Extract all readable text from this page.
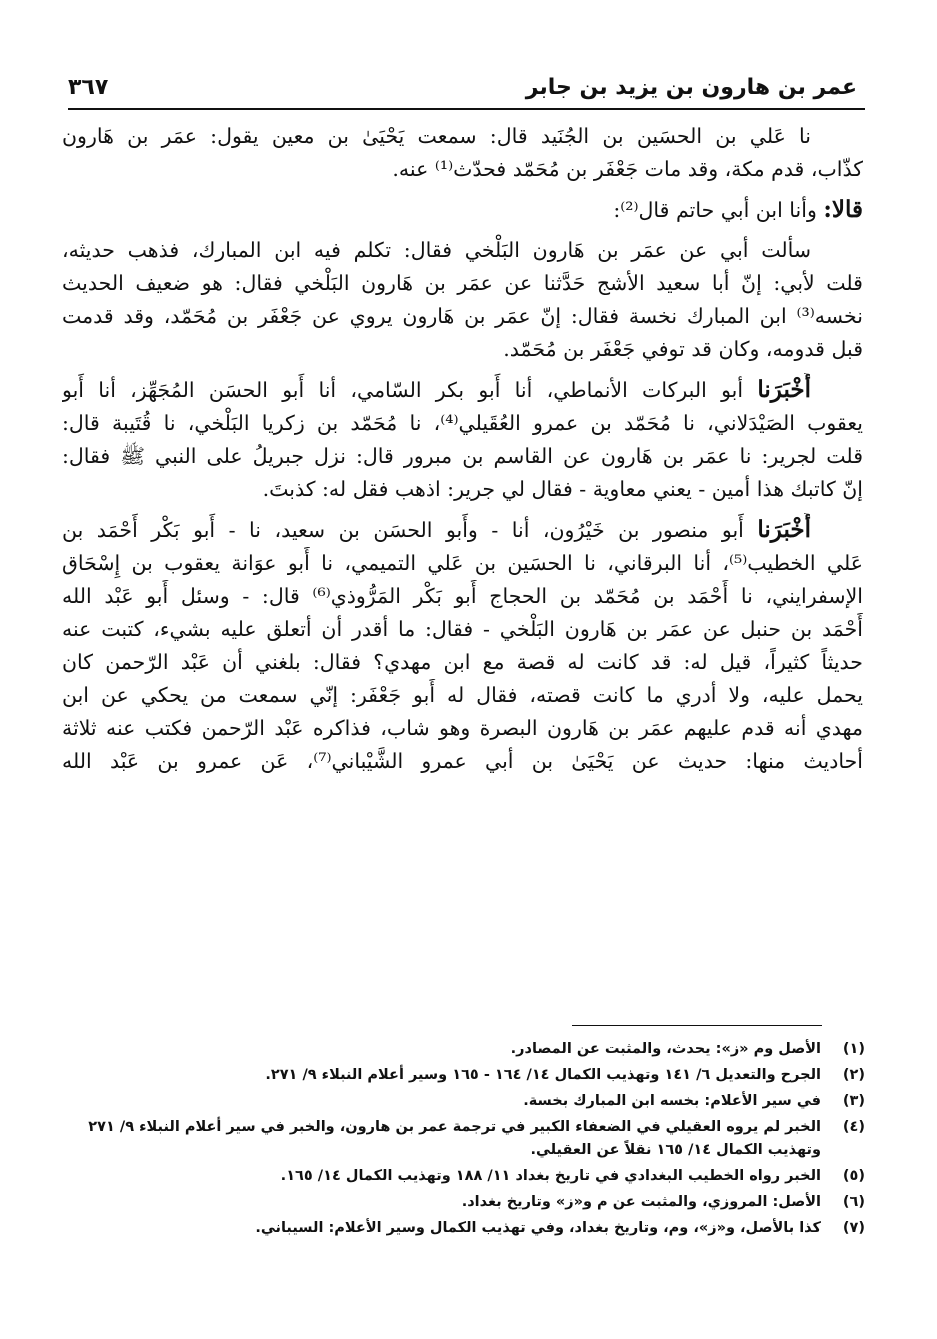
عمر بن هارون بن يزيد بن جابر
٣٦٧

نا عَلي بن الحسَين بن الجُنَيد قال: سمعت يَحْيَىٰ بن معين يقول: عمَر بن هَارون
كذّاب، قدم مكة، وقد مات جَعْفَر بن مُحَمّد فحدّث⁽¹⁾ عنه.

قالا: وأنا ابن أبي حاتم قال⁽²⁾:

سألت أبي عن عمَر بن هَارون البَلْخي فقال: تكلم فيه ابن المبارك، فذهب حديثه،
قلت لأبي: إنّ أبا سعيد الأشج حَدَّثنا عن عمَر بن هَارون البَلْخي فقال: هو ضعيف الحديث
نخسه⁽³⁾ ابن المبارك نخسة فقال: إنّ عمَر بن هَارون يروي عن جَعْفَر بن مُحَمّد، وقد قدمت
قبل قدومه، وكان قد توفي جَعْفَر بن مُحَمّد.

أَخْبَرَنا أبو البركات الأنماطي، أنا أَبو بكر السّامي، أنا أَبو الحسَن المُجَهِّز، أنا أَبو
يعقوب الصَيْدَلاني، نا مُحَمّد بن عمرو العُقَيلي⁽⁴⁾، نا مُحَمّد بن زكريا البَلْخي، نا قُتَيبة قال:
قلت لجرير: نا عمَر بن هَارون عن القاسم بن مبرور قال: نزل جبريلُ على النبي ﷺ فقال:
إنّ كاتبك هذا أمين - يعني معاوية - فقال لي جرير: اذهب فقل له: كذبتَ.

أَخْبَرَنا أَبو منصور بن خَيْرُون، أنا - وأَبو الحسَن بن سعيد، نا - أَبو بَكْر أَحْمَد بن
عَلي الخطيب⁽⁵⁾، أنا البرقاني، نا الحسَين بن عَلي التميمي، نا أَبو عوَانة يعقوب بن إِسْحَاق
الإسفرايني، نا أَحْمَد بن مُحَمّد بن الحجاج أَبو بَكْر المَرُّوذي⁽⁶⁾ قال: - وسئل أَبو عَبْد الله
أَحْمَد بن حنبل عن عمَر بن هَارون البَلْخي - فقال: ما أقدر أن أتعلق عليه بشيء، كتبت عنه
حديثاً كثيراً، قيل له: قد كانت له قصة مع ابن مهدي؟ فقال: بلغني أن عَبْد الرّحمن كان
يحمل عليه، ولا أدري ما كانت قصته، فقال له أَبو جَعْفَر: إنّي سمعت من يحكي عن ابن
مهدي أنه قدم عليهم عمَر بن هَارون البصرة وهو شاب، فذاكره عَبْد الرّحمن فكتب عنه ثلاثة
أحاديث منها: حديث عن يَحْيَىٰ بن أبي عمرو الشَّيْباني⁽⁷⁾، عَن عمرو بن عَبْد الله

(١)
الأصل وم «ز»: يحدث، والمثبت عن المصادر.
(٢)
الجرح والتعديل ٦/ ١٤١ وتهذيب الكمال ١٤/ ١٦٤ - ١٦٥ وسير أعلام النبلاء ٩/ ٢٧١.
(٣)
في سير الأعلام: بخسه ابن المبارك بخسة.
(٤)
الخبر لم يروه العقيلي في الضعفاء الكبير في ترجمة عمر بن هارون، والخبر في سير أعلام النبلاء ٩/ ٢٧١
وتهذيب الكمال ١٤/ ١٦٥ نقلاً عن العقيلي.
(٥)
الخبر رواه الخطيب البغدادي في تاريخ بغداد ١١/ ١٨٨ وتهذيب الكمال ١٤/ ١٦٥.
(٦)
الأصل: المروزي، والمثبت عن م و«ز» وتاريخ بغداد.
(٧)
كذا بالأصل، و«ز»، وم، وتاريخ بغداد، وفي تهذيب الكمال وسير الأعلام: السيباني.
